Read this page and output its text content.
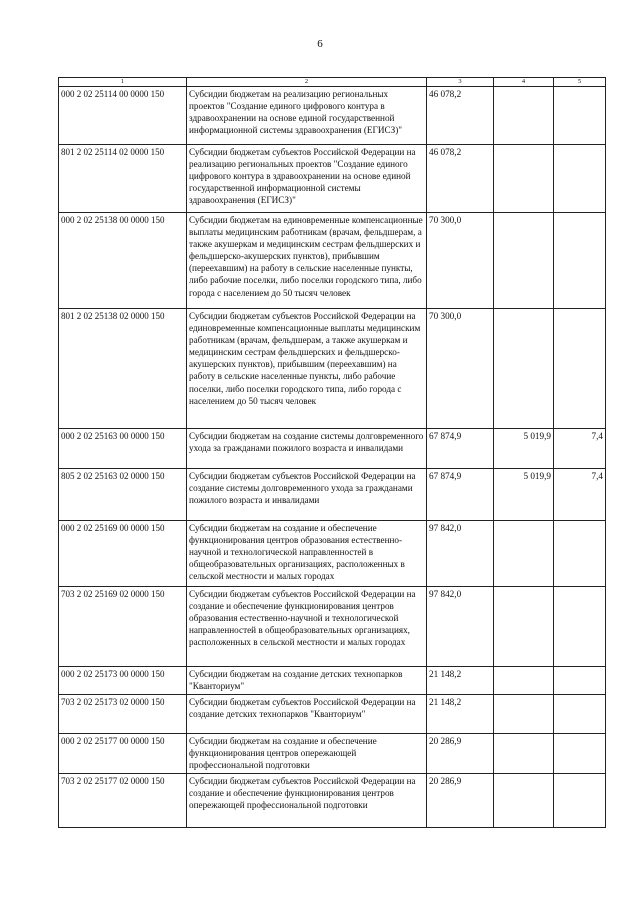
6
1	2	3	4	5
000 2 02 25114 00 0000 150	Субсидии бюджетам на реализацию региональных проектов "Создание единого цифрового контура в здравоохранении на основе единой государственной информационной системы здравоохранения (ЕГИСЗ)"	46 078,2		
801 2 02 25114 02 0000 150	Субсидии бюджетам субъектов Российской Федерации на реализацию региональных проектов "Создание единого цифрового контура в здравоохранении на основе единой государственной информационной системы здравоохранения (ЕГИСЗ)"	46 078,2		
000 2 02 25138 00 0000 150	Субсидии бюджетам на единовременные компенсационные выплаты медицинским работникам (врачам, фельдшерам, а также акушеркам и медицинским сестрам фельдшерских и фельдшерско-акушерских пунктов), прибывшим (переехавшим) на работу в сельские населенные пункты, либо рабочие поселки, либо поселки городского типа, либо города с населением до 50 тысяч человек	70 300,0		
801 2 02 25138 02 0000 150	Субсидии бюджетам субъектов Российской Федерации на единовременные компенсационные выплаты медицинским работникам (врачам, фельдшерам, а также акушеркам и медицинским сестрам фельдшерских и фельдшерско-акушерских пунктов), прибывшим (переехавшим) на работу в сельские населенные пункты, либо рабочие поселки, либо поселки городского типа, либо города с населением до 50 тысяч человек	70 300,0		
000 2 02 25163 00 0000 150	Субсидии бюджетам на создание системы долговременного ухода за гражданами пожилого возраста и инвалидами	67 874,9	5 019,9	7,4
805 2 02 25163 02 0000 150	Субсидии бюджетам субъектов Российской Федерации на создание системы долговременного ухода за гражданами пожилого возраста и инвалидами	67 874,9	5 019,9	7,4
000 2 02 25169 00 0000 150	Субсидии бюджетам на создание и обеспечение функционирования центров образования естественно-научной и технологической направленностей в общеобразовательных организациях, расположенных в сельской местности и малых городах	97 842,0		
703 2 02 25169 02 0000 150	Субсидии бюджетам субъектов Российской Федерации на создание и обеспечение функционирования центров образования естественно-научной и технологической направленностей в общеобразовательных организациях, расположенных в сельской местности и малых городах	97 842,0		
000 2 02 25173 00 0000 150	Субсидии бюджетам на создание детских технопарков "Кванториум"	21 148,2		
703 2 02 25173 02 0000 150	Субсидии бюджетам субъектов Российской Федерации на создание детских технопарков "Кванториум"	21 148,2		
000 2 02 25177 00 0000 150	Субсидии бюджетам на создание и обеспечение функционирования центров опережающей профессиональной подготовки	20 286,9		
703 2 02 25177 02 0000 150	Субсидии бюджетам субъектов Российской Федерации на создание и обеспечение функционирования центров опережающей профессиональной подготовки	20 286,9		
